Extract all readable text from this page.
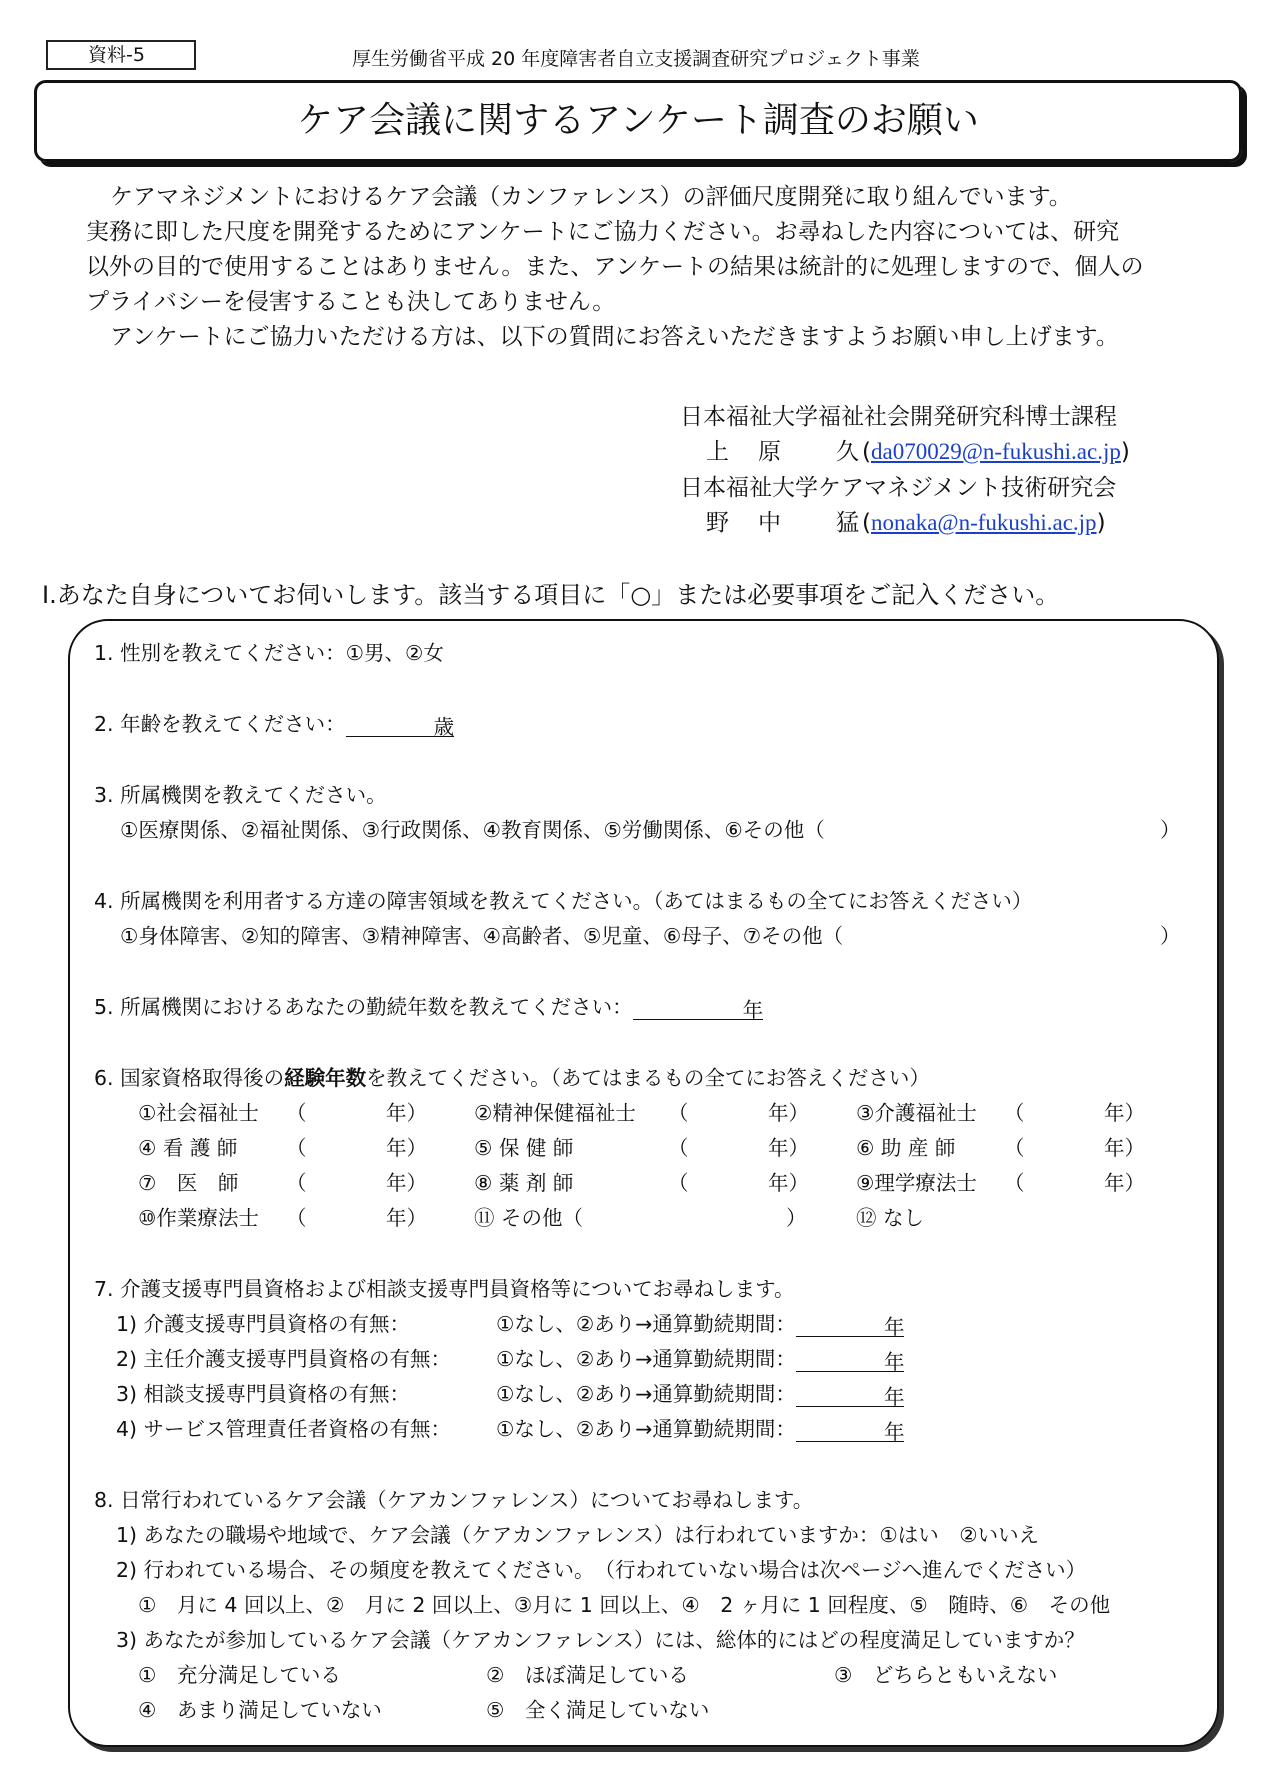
資料-5	厚生労働省平成 20 年度障害者自立支援調査研究プロジェクト事業
ケア会議に関するアンケート調査のお願い
ケアマネジメントにおけるケア会議（カンファレンス）の評価尺度開発に取り組んでいます。
実務に即した尺度を開発するためにアンケートにご協力ください。お尋ねした内容については、研究
以外の目的で使用することはありません。また、アンケートの結果は統計的に処理しますので、個人の
プライバシーを侵害することも決してありません。
アンケートにご協力いただける方は、以下の質問にお答えいただきますようお願い申し上げます。
日本福祉大学福祉社会開発研究科博士課程
上　原　　久(da070029@n-fukushi.ac.jp)
日本福祉大学ケアマネジメント技術研究会
野　中　　猛(nonaka@n-fukushi.ac.jp)
Ⅰ.あなた自身についてお伺いします。該当する項目に「○」または必要事項をご記入ください。
1. 性別を教えてください：①男、②女
2. 年齢を教えてください：	歳
3. 所属機関を教えてください。
①医療関係、②福祉関係、③行政関係、④教育関係、⑤労働関係、⑥その他（	）
4. 所属機関を利用者する方達の障害領域を教えてください。（あてはまるもの全てにお答えください）
①身体障害、②知的障害、③精神障害、④高齢者、⑤児童、⑥母子、⑦その他（	）
5. 所属機関におけるあなたの勤続年数を教えてください：	年
6. 国家資格取得後の経験年数を教えてください。（あてはまるもの全てにお答えください）
①社会福祉士 （	年） ②精神保健福祉士 （	年） ③介護福祉士 （	年）
④ 看 護 師 （	年） ⑤ 保 健 師	（	年） ⑥ 助 産 師 （	年）
⑦　医　師 （	年） ⑧ 薬 剤 師	（	年） ⑨理学療法士 （	年）
⑩作業療法士 （	年） ⑪ その他（	） ⑫ なし
7. 介護支援専門員資格および相談支援専門員資格等についてお尋ねします。
1) 介護支援専門員資格の有無：	①なし、②あり→通算勤続期間：	年
2) 主任介護支援専門員資格の有無： ①なし、②あり→通算勤続期間：	年
3) 相談支援専門員資格の有無：	①なし、②あり→通算勤続期間：	年
4) サービス管理責任者資格の有無： ①なし、②あり→通算勤続期間：	年
8. 日常行われているケア会議（ケアカンファレンス）についてお尋ねします。
1) あなたの職場や地域で、ケア会議（ケアカンファレンス）は行われていますか：①はい　②いいえ
2) 行われている場合、その頻度を教えてください。　（行われていない場合は次ページへ進んでください）
①　月に 4 回以上、②　月に 2 回以上、③月に 1 回以上、④　2 ヶ月に 1 回程度、⑤　随時、⑥　その他
3) あなたが参加しているケア会議（ケアカンファレンス）には、総体的にはどの程度満足していますか？
①　充分満足している	②　ほぼ満足している	③　どちらともいえない
④　あまり満足していない	⑤　全く満足していない
